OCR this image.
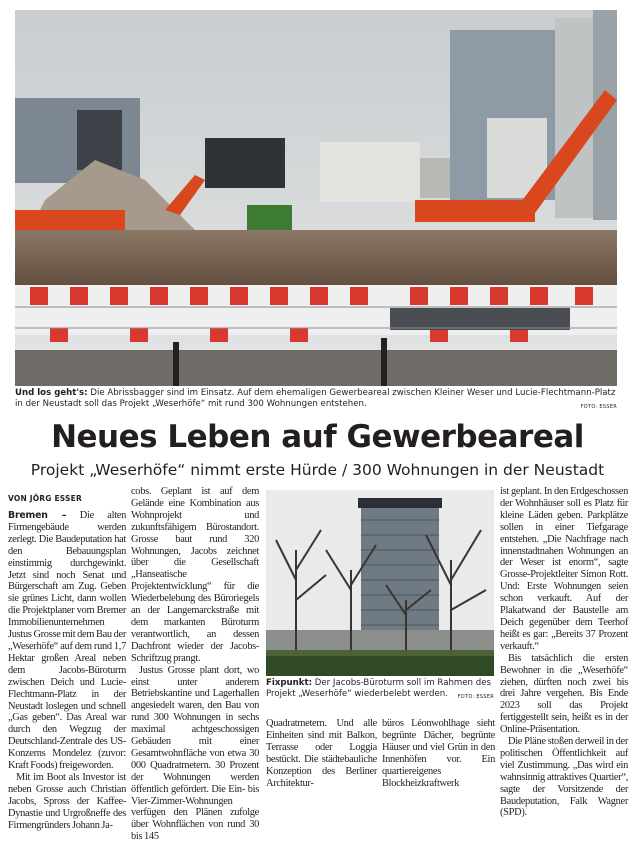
Und los geht's: Die Abrissbagger sind im Einsatz. Auf dem ehemaligen Gewerbeareal zwischen Kleiner Weser und Lucie-Flechtmann-Platz in der Neustadt soll das Projekt „Weserhöfe“ mit rund 300 Wohnungen entstehen.	FOTO: ESSER
Neues Leben auf Gewerbeareal
Projekt „Weserhöfe“ nimmt erste Hürde / 300 Wohnungen in der Neustadt
VON JÖRG ESSER

Bremen – Die alten Firmengebäude werden zerlegt. Die Baudeputation hat den Bebauungsplan einstimmig durchgewinkt. Jetzt sind noch Senat und Bürgerschaft am Zug. Geben sie grünes Licht, dann wollen die Projektplaner vom Bremer Immobilienunternehmen Justus Grosse mit dem Bau der „Weserhöfe“ auf dem rund 1,7 Hektar großen Areal neben dem Jacobs-Büroturm zwischen Deich und Lucie-Flechtmann-Platz in der Neustadt loslegen und schnell „Gas geben“. Das Areal war durch den Wegzug der Deutschland-Zentrale des US-Konzerns Mondelez (zuvor: Kraft Foods) freigeworden.

Mit im Boot als Investor ist neben Grosse auch Christian Jacobs, Spross der Kaffee-Dynastie und Urgroßneffe des Firmengründers Johann Ja-

cobs. Geplant ist auf dem Gelände eine Kombination aus Wohnprojekt und zukunftsfähigem Bürostandort. Grosse baut rund 320 Wohnungen, Jacobs zeichnet über die Gesellschaft „Hanseatische Projektentwicklung“ für die Wiederbelebung des Büroriegels an der Langemarckstraße mit dem markanten Büroturm verantwortlich, an dessen Dachfront wieder der Jacobs-Schriftzug prangt.

Justus Grosse plant dort, wo einst unter anderem Betriebskantine und Lagerhallen angesiedelt waren, den Bau von rund 300 Wohnungen in sechs maximal achtgeschossigen Gebäuden mit einer Gesamtwohnfläche von etwa 30 000 Quadratmetern. 30 Prozent der Wohnungen werden öffentlich gefördert. Die Ein- bis Vier-Zimmer-Wohnungen verfügen den Plänen zufolge über Wohnflächen von rund 30 bis 145

Fixpunkt: Der Jacobs-Büroturm soll im Rahmen des Projekt „Weserhöfe“ wiederbelebt werden. FOTO: ESSER

Quadratmetern. Und alle Einheiten sind mit Balkon, Terrasse oder Loggia bestückt. Die städtebauliche Konzeption des Berliner Architektur-

büros Léonwohlhage sieht begrünte Dächer, begrünte Häuser und viel Grün in den Innenhöfen vor. Ein quartiereigenes Blockheizkraftwerk

ist geplant. In den Erdgeschossen der Wohnhäuser soll es Platz für kleine Läden geben. Parkplätze sollen in einer Tiefgarage entstehen. „Die Nachfrage nach innenstadtnahen Wohnungen an der Weser ist enorm“, sagte Grosse-Projektleiter Simon Rott. Und: Erste Wohnungen seien schon verkauft. Auf der Plakatwand der Baustelle am Deich gegenüber dem Teerhof heißt es gar: „Bereits 37 Prozent verkauft.“

Bis tatsächlich die ersten Bewohner in die „Weserhöfe“ ziehen, dürften noch zwei bis drei Jahre vergehen. Bis Ende 2023 soll das Projekt fertiggestellt sein, heißt es in der Online-Präsentation.

Die Pläne stoßen derweil in der politischen Öffentlichkeit auf viel Zustimmung. „Das wird ein wahnsinnig attraktives Quartier“, sagte der Vorsitzende der Baudeputation, Falk Wagner (SPD).
